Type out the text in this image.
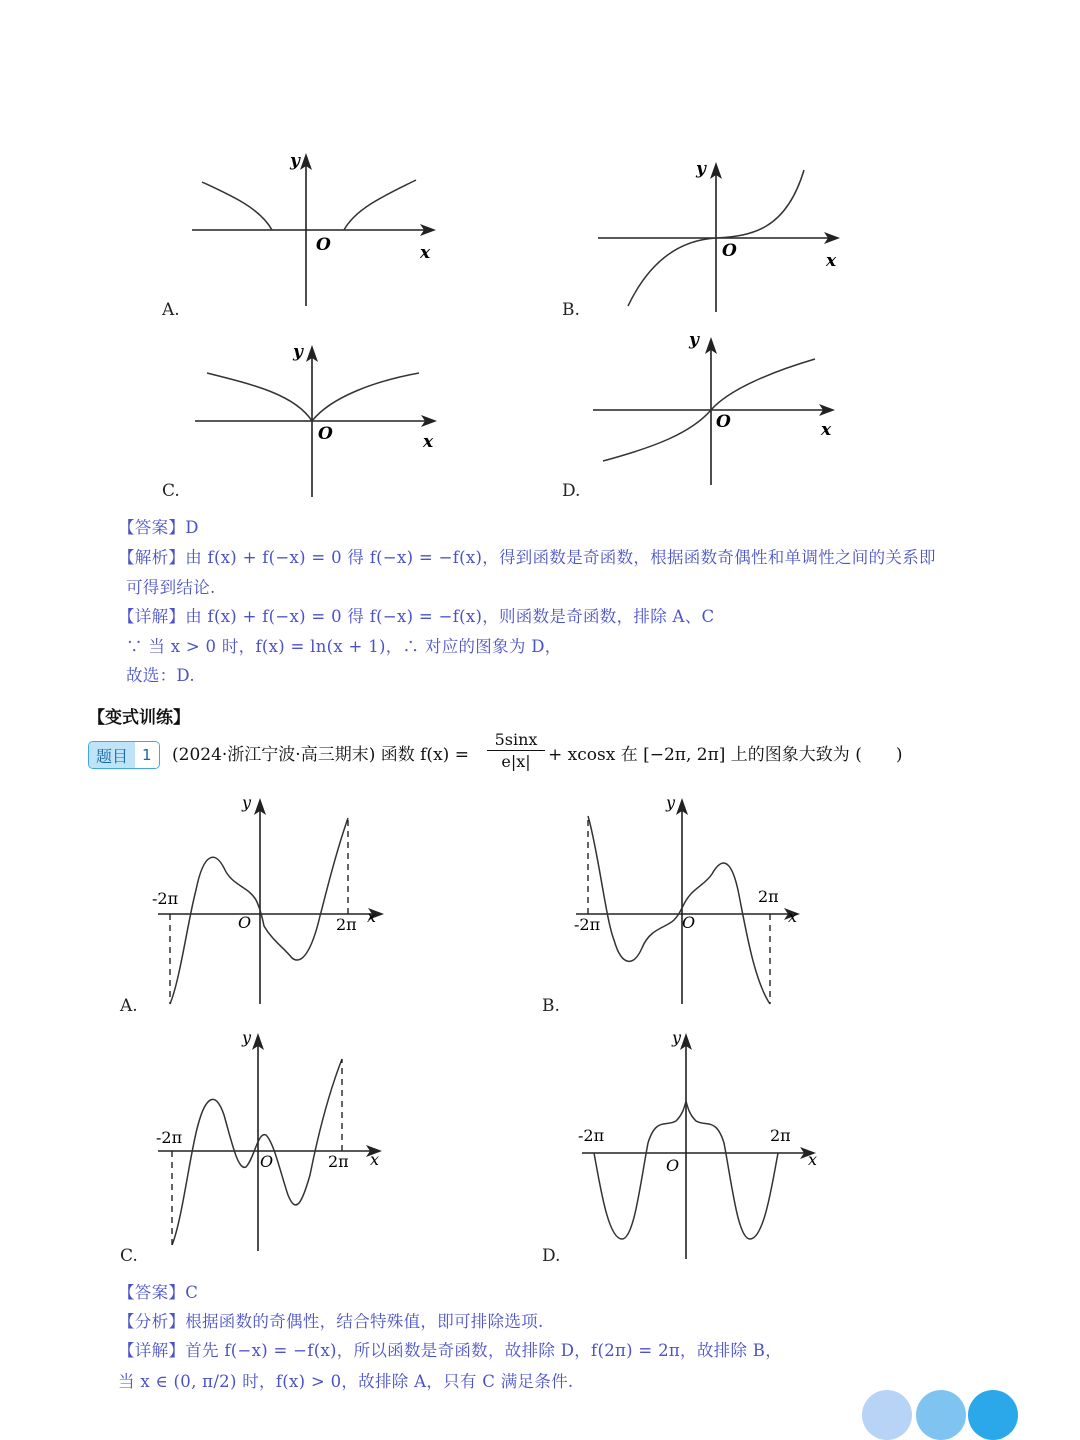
y
O	x
A.
y
O	x
B.
y
O	x
C.
y
O	x
D.
【答案】D
【解析】由 f(x) + f(−x) = 0 得 f(−x) = −f(x)，得到函数是奇函数，根据函数奇偶性和单调性之间的关系即
可得到结论.
【详解】由 f(x) + f(−x) = 0 得 f(−x) = −f(x)，则函数是奇函数，排除 A、C
∵ 当 x > 0 时，f(x) = ln(x + 1)，∴ 对应的图象为 D，
故选：D.
【变式训练】
题目 1	(2024·浙江宁波·高三期末) 函数 $f(x) = \frac{5\sin x}{e|x|} + xcosx$ 在 [−2π, 2π] 上的图象大致为 (　　)
-2π
2π
O	x
y
A.
-2π
2π
O	x
y
B.
-2π
2π
O	x
y
C.
-2π	2π
O	x
y
D.
【答案】C
【分析】根据函数的奇偶性，结合特殊值，即可排除选项.
【详解】首先 f(−x) = −f(x)，所以函数是奇函数，故排除 D，f(2π) = 2π，故排除 B，
当 x ∈ (0, π/2) 时，f(x) > 0，故排除 A，只有 C 满足条件.
